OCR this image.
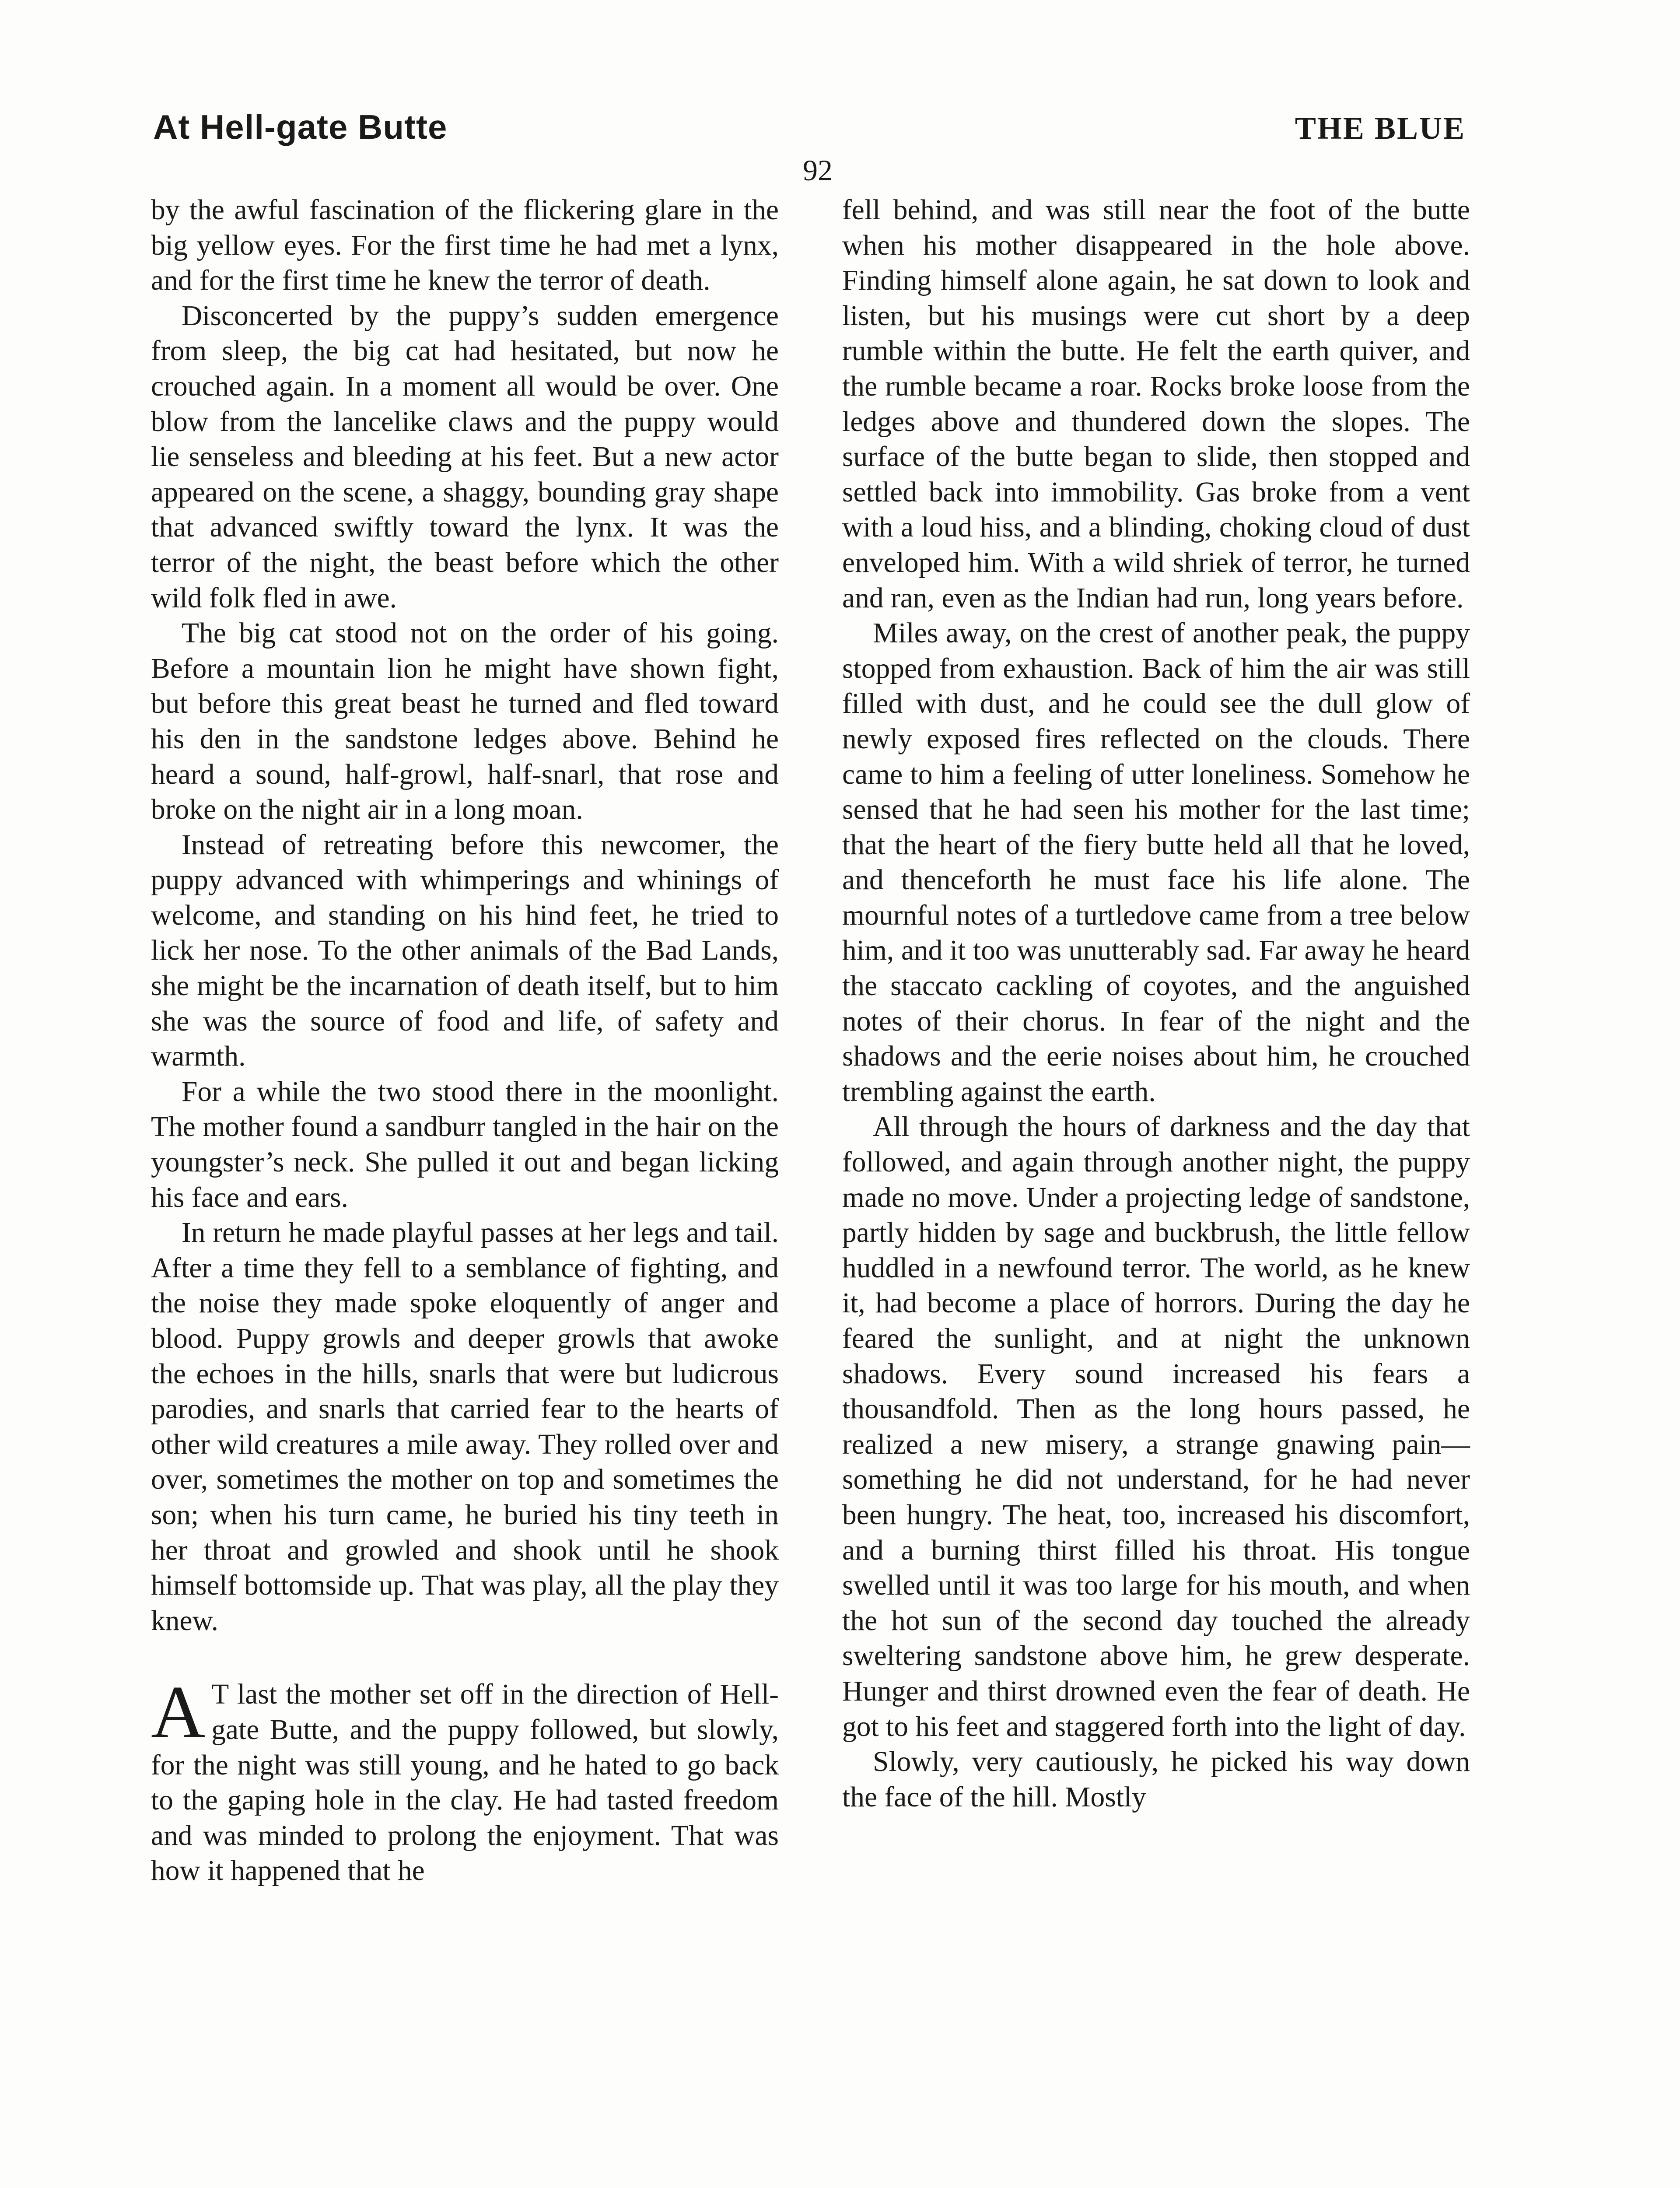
At Hell-gate Butte	THE BLUE
92

by the awful fascination of the flickering glare in the big yellow eyes. For the first time he had met a lynx, and for the first time he knew the terror of death.

Disconcerted by the puppy’s sudden emergence from sleep, the big cat had hesitated, but now he crouched again. In a moment all would be over. One blow from the lancelike claws and the puppy would lie senseless and bleeding at his feet. But a new actor appeared on the scene, a shaggy, bounding gray shape that advanced swiftly toward the lynx. It was the terror of the night, the beast before which the other wild folk fled in awe.

The big cat stood not on the order of his going. Before a mountain lion he might have shown fight, but before this great beast he turned and fled toward his den in the sandstone ledges above. Behind he heard a sound, half-growl, half-snarl, that rose and broke on the night air in a long moan.

Instead of retreating before this newcomer, the puppy advanced with whimperings and whinings of welcome, and standing on his hind feet, he tried to lick her nose. To the other animals of the Bad Lands, she might be the incarnation of death itself, but to him she was the source of food and life, of safety and warmth.

For a while the two stood there in the moonlight. The mother found a sandburr tangled in the hair on the youngster’s neck. She pulled it out and began licking his face and ears.

In return he made playful passes at her legs and tail. After a time they fell to a semblance of fighting, and the noise they made spoke eloquently of anger and blood. Puppy growls and deeper growls that awoke the echoes in the hills, snarls that were but ludicrous parodies, and snarls that carried fear to the hearts of other wild creatures a mile away. They rolled over and over, sometimes the mother on top and sometimes the son; when his turn came, he buried his tiny teeth in her throat and growled and shook until he shook himself bottomside up. That was play, all the play they knew.

A T last the mother set off in the direction of Hell-gate Butte, and the puppy followed, but slowly, for the night was still young, and he hated to go back to the gaping hole in the clay. He had tasted freedom and was minded to prolong the enjoyment. That was how it happened that he

fell behind, and was still near the foot of the butte when his mother disappeared in the hole above. Finding himself alone again, he sat down to look and listen, but his musings were cut short by a deep rumble within the butte. He felt the earth quiver, and the rumble became a roar. Rocks broke loose from the ledges above and thundered down the slopes. The surface of the butte began to slide, then stopped and settled back into immobility. Gas broke from a vent with a loud hiss, and a blinding, choking cloud of dust enveloped him. With a wild shriek of terror, he turned and ran, even as the Indian had run, long years before.

Miles away, on the crest of another peak, the puppy stopped from exhaustion. Back of him the air was still filled with dust, and he could see the dull glow of newly exposed fires reflected on the clouds. There came to him a feeling of utter loneliness. Somehow he sensed that he had seen his mother for the last time; that the heart of the fiery butte held all that he loved, and thenceforth he must face his life alone. The mournful notes of a turtledove came from a tree below him, and it too was unutterably sad. Far away he heard the staccato cackling of coyotes, and the anguished notes of their chorus. In fear of the night and the shadows and the eerie noises about him, he crouched trembling against the earth.

All through the hours of darkness and the day that followed, and again through another night, the puppy made no move. Under a projecting ledge of sandstone, partly hidden by sage and buckbrush, the little fellow huddled in a newfound terror. The world, as he knew it, had become a place of horrors. During the day he feared the sunlight, and at night the unknown shadows. Every sound increased his fears a thousandfold. Then as the long hours passed, he realized a new misery, a strange gnawing pain—something he did not understand, for he had never been hungry. The heat, too, increased his discomfort, and a burning thirst filled his throat. His tongue swelled until it was too large for his mouth, and when the hot sun of the second day touched the already sweltering sandstone above him, he grew desperate. Hunger and thirst drowned even the fear of death. He got to his feet and staggered forth into the light of day.

Slowly, very cautiously, he picked his way down the face of the hill. Mostly
